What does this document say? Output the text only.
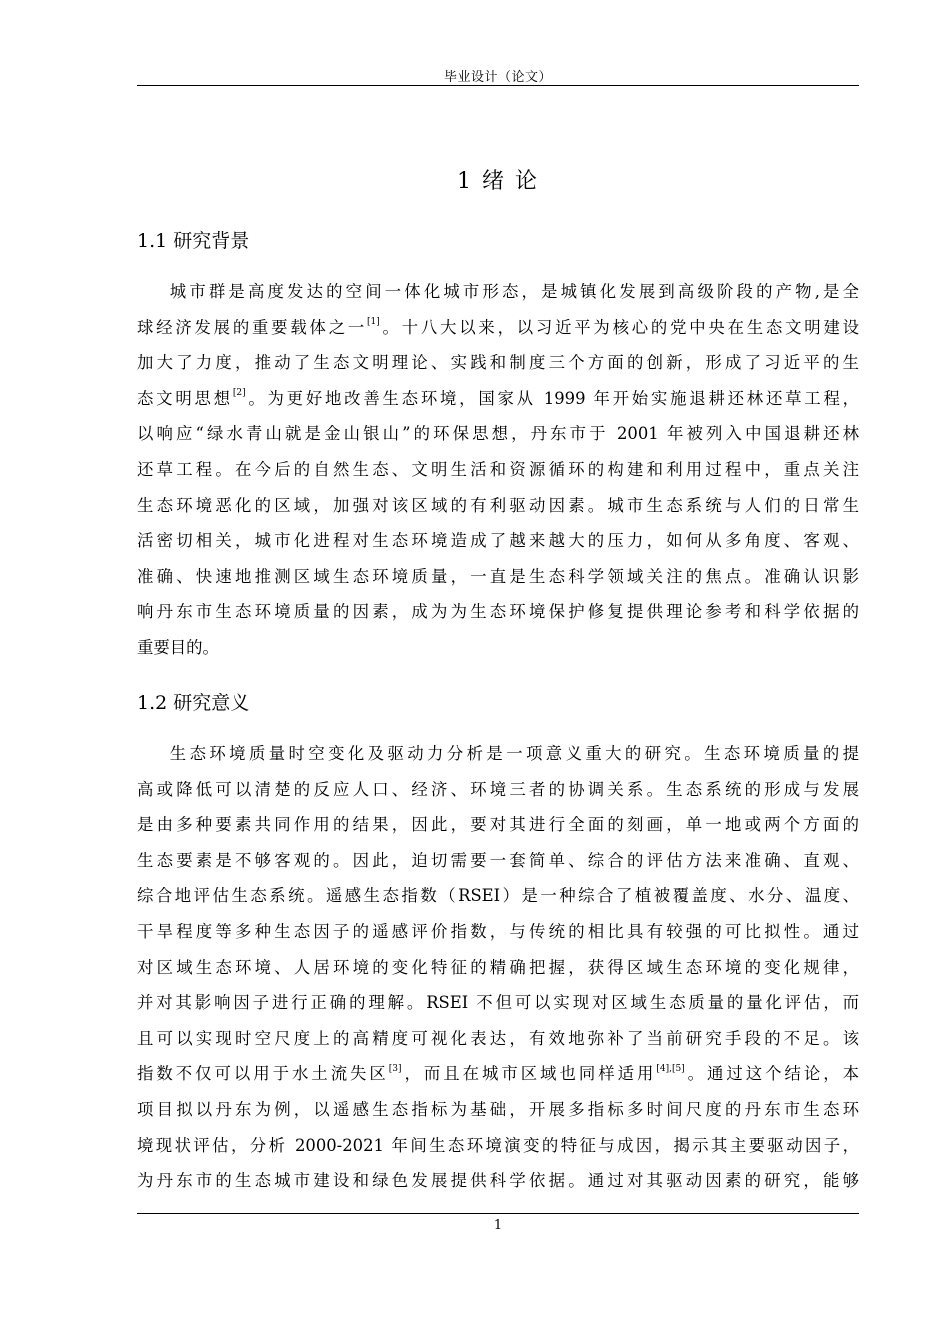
毕业设计（论文）
1 绪 论
1.1 研究背景
城市群是高度发达的空间一体化城市形态，是城镇化发展到高级阶段的产物,是全
球经济发展的重要载体之一[1]。十八大以来，以习近平为核心的党中央在生态文明建设
加大了力度，推动了生态文明理论、实践和制度三个方面的创新，形成了习近平的生
态文明思想[2]。为更好地改善生态环境，国家从 1999 年开始实施退耕还林还草工程，
以响应“绿水青山就是金山银山”的环保思想，丹东市于 2001 年被列入中国退耕还林
还草工程。在今后的自然生态、文明生活和资源循环的构建和利用过程中，重点关注
生态环境恶化的区域，加强对该区域的有利驱动因素。城市生态系统与人们的日常生
活密切相关，城市化进程对生态环境造成了越来越大的压力，如何从多角度、客观、
准确、快速地推测区域生态环境质量，一直是生态科学领域关注的焦点。准确认识影
响丹东市生态环境质量的因素，成为为生态环境保护修复提供理论参考和科学依据的
重要目的。
1.2 研究意义
生态环境质量时空变化及驱动力分析是一项意义重大的研究。生态环境质量的提
高或降低可以清楚的反应人口、经济、环境三者的协调关系。生态系统的形成与发展
是由多种要素共同作用的结果，因此，要对其进行全面的刻画，单一地或两个方面的
生态要素是不够客观的。因此，迫切需要一套简单、综合的评估方法来准确、直观、
综合地评估生态系统。遥感生态指数（RSEI）是一种综合了植被覆盖度、水分、温度、
干旱程度等多种生态因子的遥感评价指数，与传统的相比具有较强的可比拟性。通过
对区域生态环境、人居环境的变化特征的精确把握，获得区域生态环境的变化规律，
并对其影响因子进行正确的理解。RSEI 不但可以实现对区域生态质量的量化评估，而
且可以实现时空尺度上的高精度可视化表达，有效地弥补了当前研究手段的不足。该
指数不仅可以用于水土流失区[3]，而且在城市区域也同样适用[4],[5]。通过这个结论，本
项目拟以丹东为例，以遥感生态指标为基础，开展多指标多时间尺度的丹东市生态环
境现状评估，分析 2000-2021 年间生态环境演变的特征与成因，揭示其主要驱动因子，
为丹东市的生态城市建设和绿色发展提供科学依据。通过对其驱动因素的研究，能够
1
